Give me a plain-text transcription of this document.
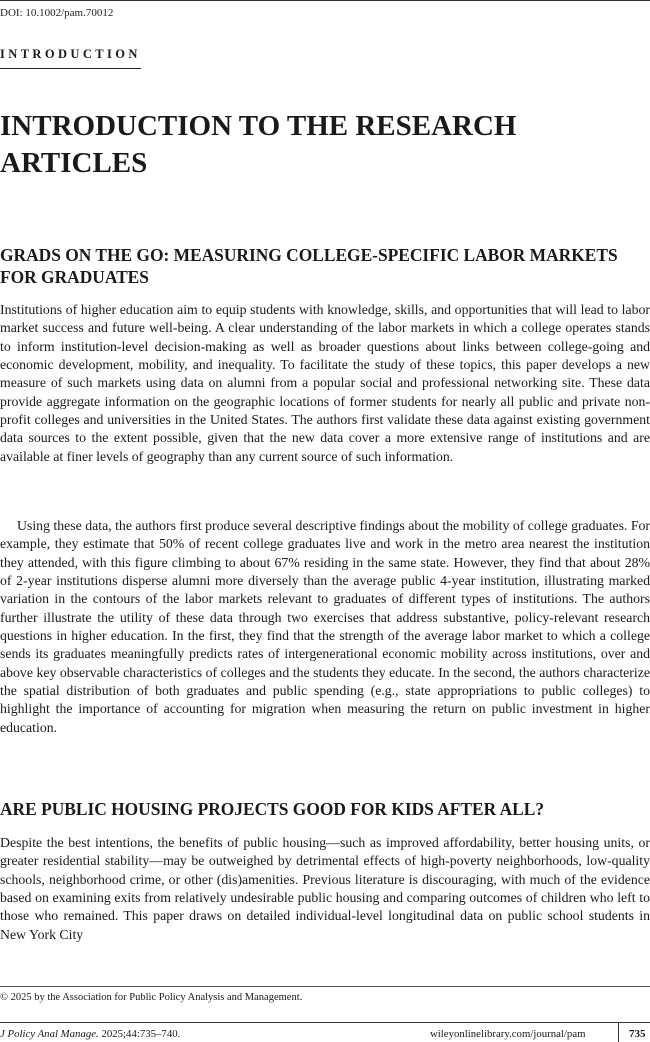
DOI: 10.1002/pam.70012
INTRODUCTION
INTRODUCTION TO THE RESEARCH ARTICLES
GRADS ON THE GO: MEASURING COLLEGE-SPECIFIC LABOR MARKETS FOR GRADUATES

Institutions of higher education aim to equip students with knowledge, skills, and opportunities that will lead to labor market success and future well-being. A clear understanding of the labor markets in which a college operates stands to inform institution-level decision-making as well as broader questions about links between college-going and economic development, mobility, and inequality. To facilitate the study of these topics, this paper develops a new measure of such markets using data on alumni from a popular social and professional networking site. These data provide aggregate information on the geographic locations of former students for nearly all public and private non-profit colleges and universities in the United States. The authors first validate these data against existing government data sources to the extent possible, given that the new data cover a more extensive range of institutions and are available at finer levels of geography than any current source of such information.

Using these data, the authors first produce several descriptive findings about the mobility of college graduates. For example, they estimate that 50% of recent college graduates live and work in the metro area nearest the institution they attended, with this figure climbing to about 67% residing in the same state. However, they find that about 28% of 2-year institutions disperse alumni more diversely than the average public 4-year institution, illustrating marked variation in the contours of the labor markets relevant to graduates of different types of institutions. The authors further illustrate the utility of these data through two exercises that address substantive, policy-relevant research questions in higher education. In the first, they find that the strength of the average labor market to which a college sends its graduates meaningfully predicts rates of intergenerational economic mobility across institutions, over and above key observable characteristics of colleges and the students they educate. In the second, the authors characterize the spatial distribution of both graduates and public spending (e.g., state appropriations to public colleges) to highlight the importance of accounting for migration when measuring the return on public investment in higher education.

ARE PUBLIC HOUSING PROJECTS GOOD FOR KIDS AFTER ALL?

Despite the best intentions, the benefits of public housing—such as improved affordability, better housing units, or greater residential stability—may be outweighed by detrimental effects of high-poverty neighborhoods, low-quality schools, neighborhood crime, or other (dis)amenities. Previous literature is discouraging, with much of the evidence based on examining exits from relatively undesirable public housing and comparing outcomes of children who left to those who remained. This paper draws on detailed individual-level longitudinal data on public school students in New York City

© 2025 by the Association for Public Policy Analysis and Management.
J Policy Anal Manage. 2025;44:735–740.	wileyonlinelibrary.com/journal/pam	735
